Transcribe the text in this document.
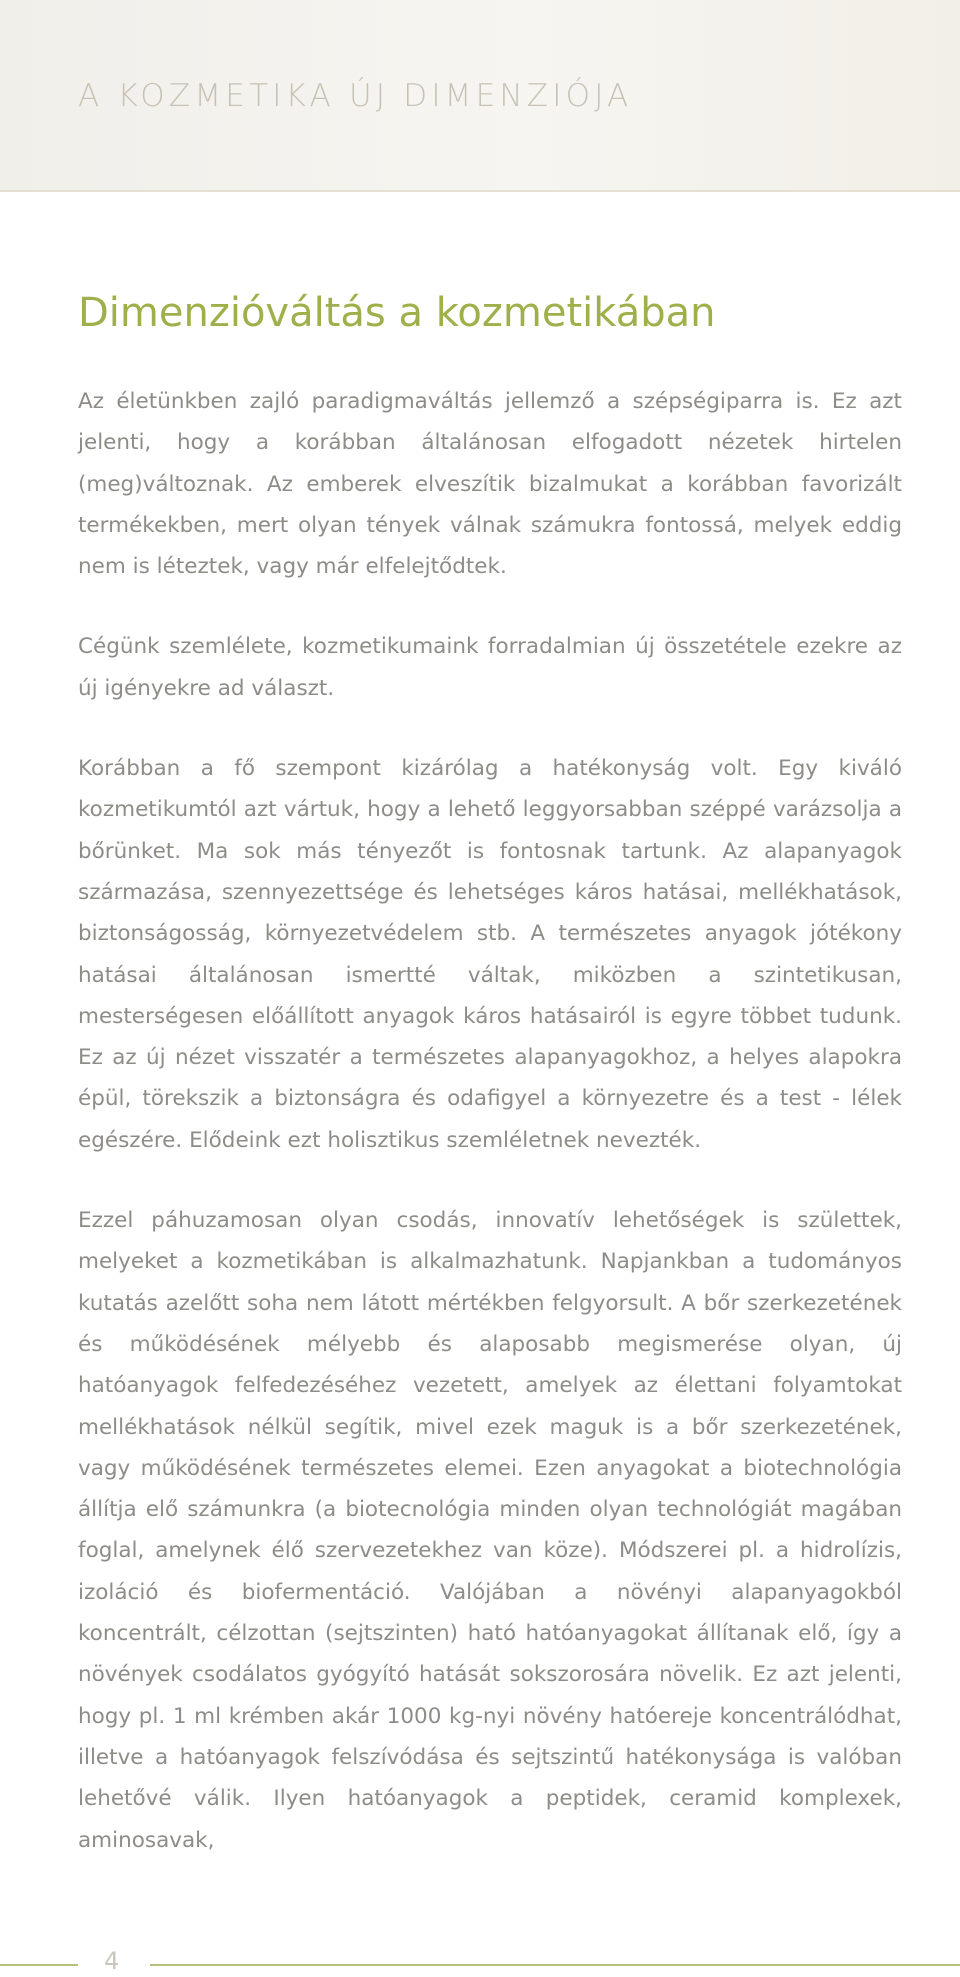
A KOZMETIKA ÚJ DIMENZIÓJA
Dimenzióváltás a kozmetikában

Az életünkben zajló paradigmaváltás jellemző a szépségiparra is. Ez azt jelenti, hogy a korábban általánosan elfogadott nézetek hirtelen (meg)változnak. Az emberek elveszítik bizalmukat a korábban favorizált termékekben, mert olyan tények válnak számukra fontossá, melyek eddig nem is léteztek, vagy már elfelejtődtek.

Cégünk szemlélete, kozmetikumaink forradalmian új összetétele ezekre az új igényekre ad választ.

Korábban a fő szempont kizárólag a hatékonyság volt. Egy kiváló kozmetikumtól azt vártuk, hogy a lehető leggyorsabban széppé varázsolja a bőrünket. Ma sok más tényezőt is fontosnak tartunk. Az alapanyagok származása, szennyezettsége és lehetséges káros hatásai, mellékhatások, biztonságosság, környezetvédelem stb. A természetes anyagok jótékony hatásai általánosan ismertté váltak, miközben a szintetikusan, mesterségesen előállított anyagok káros hatásairól is egyre többet tudunk. Ez az új nézet visszatér a természetes alapanyagokhoz, a helyes alapokra épül, törekszik a biztonságra és odafigyel a környezetre és a test - lélek egészére. Elődeink ezt holisztikus szemléletnek nevezték.

Ezzel páhuzamosan olyan csodás, innovatív lehetőségek is születtek, melyeket a kozmetikában is alkalmazhatunk. Napjankban a tudományos kutatás azelőtt soha nem látott mértékben felgyorsult. A bőr szerkezetének és működésének mélyebb és alaposabb megismerése olyan, új hatóanyagok felfedezéséhez vezetett, amelyek az élettani folyamtokat mellékhatások nélkül segítik, mivel ezek maguk is a bőr szerkezetének, vagy működésének természetes elemei. Ezen anyagokat a biotechnológia állítja elő számunkra (a biotecnológia minden olyan technológiát magában foglal, amelynek élő szervezetekhez van köze). Módszerei pl. a hidrolízis, izoláció és biofermentáció. Valójában a növényi alapanyagokból koncentrált, célzottan (sejtszinten) ható hatóanyagokat állítanak elő, így a növények csodálatos gyógyító hatását sokszorosára növelik. Ez azt jelenti, hogy pl. 1 ml krémben akár 1000 kg-nyi növény hatóereje koncentrálódhat, illetve a hatóanyagok felszívódása és sejtszintű hatékonysága is valóban lehetővé válik. Ilyen hatóanyagok a peptidek, ceramid komplexek, aminosavak,

4
